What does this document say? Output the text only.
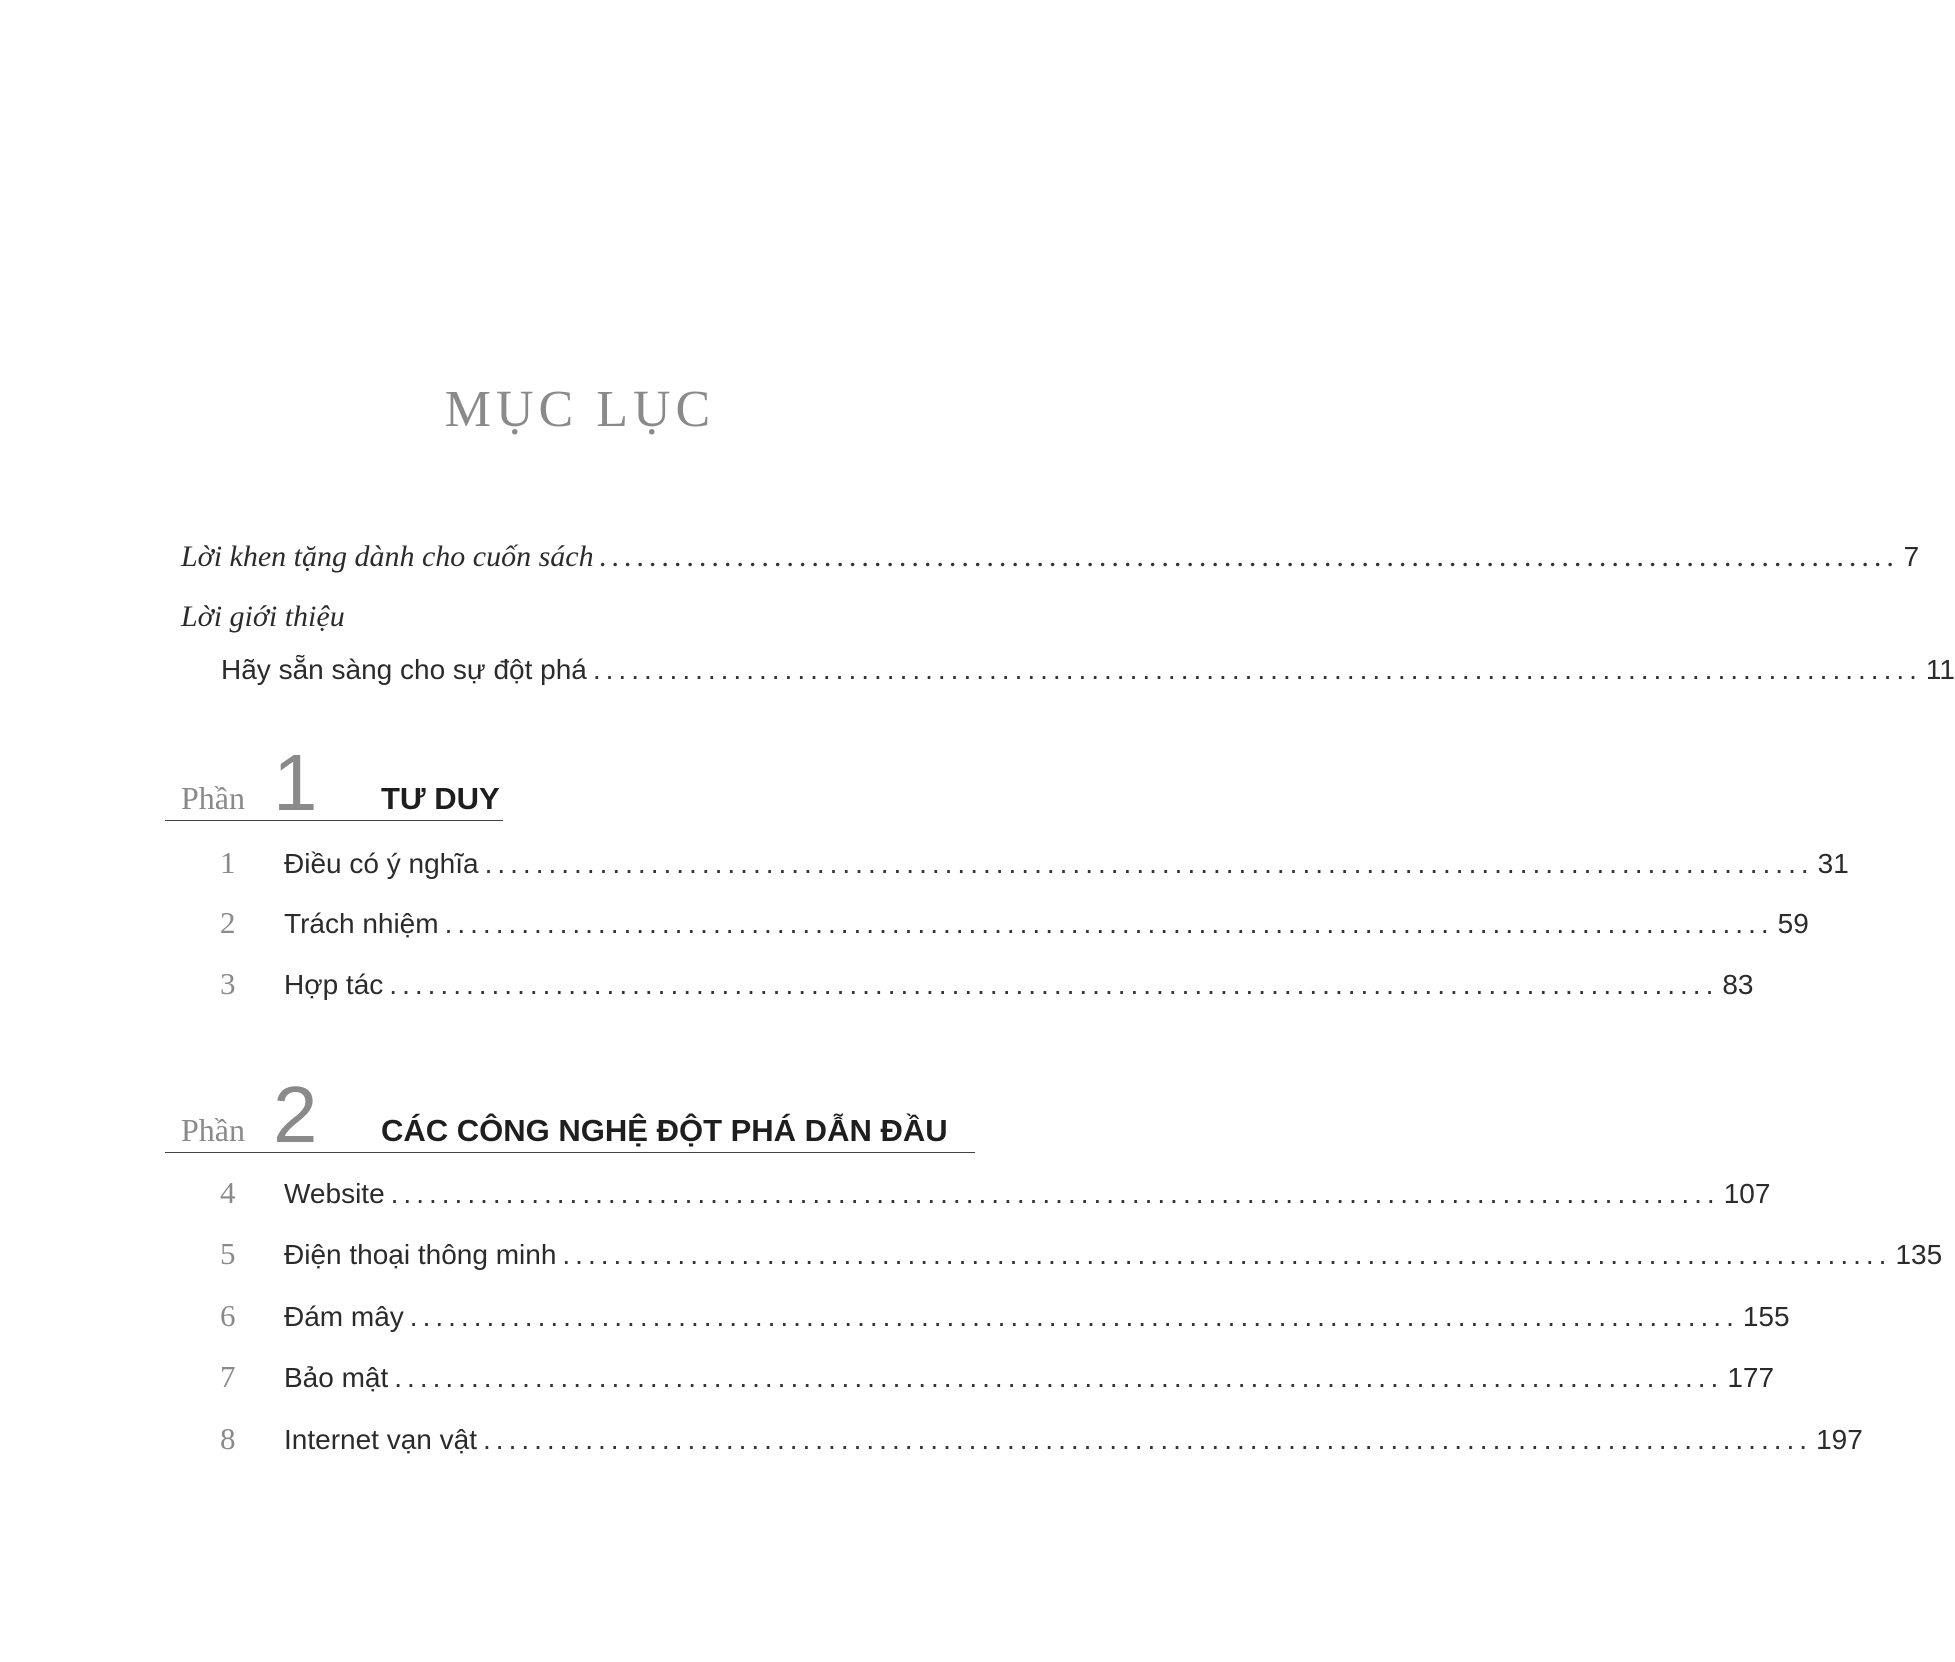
MỤC LỤC
Lời khen tặng dành cho cuốn sách ........................................................................................................ 7
Lời giới thiệu
Hãy sẵn sàng cho sự đột phá ........................................................................................................ 11
Phần 1 TƯ DUY
1	Điều có ý nghĩa ........................................................................................................ 31
2	Trách nhiệm ........................................................................................................ 59
3	Hợp tác ........................................................................................................ 83
Phần 2 CÁC CÔNG NGHỆ ĐỘT PHÁ DẪN ĐẦU
4	Website ........................................................................................................ 107
5	Điện thoại thông minh ........................................................................................................ 135
6	Đám mây ........................................................................................................ 155
7	Bảo mật ........................................................................................................ 177
8	Internet vạn vật ........................................................................................................ 197
